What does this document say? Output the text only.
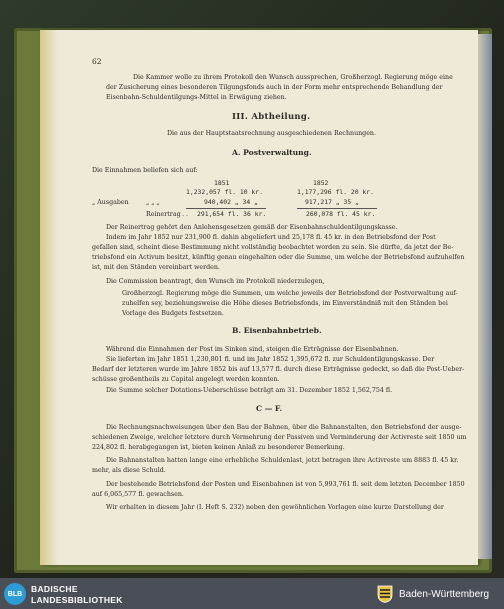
62
Die Kammer wolle zu ihrem Protokoll den Wunsch aussprechen, Großherzogl. Regierung möge eine
der Zusicherung eines besonderen Tilgungsfonds auch in der Form mehr entsprechende Behandlung der
Eisenbahn-Schuldentilgungs-Mittel in Erwägung ziehen.
III. Abtheilung.
Die aus der Hauptstaatsrechnung ausgeschiedenen Rechnungen.
A. Postverwaltung.
Die Einnahmen beliefen sich auf:
1851	1852
1,232,057 fl. 10 kr.	1,177,296 fl. 20 kr.
„ Ausgaben	„ „ „	940,402 „ 34 „	917,217 „ 35 „
Reinertrag . . 291,654 fl. 36 kr.	260,078 fl. 45 kr.
Der Reinertrag gehört den Anlehensgesetzen gemäß der Eisenbahnschuldentilgungskasse.
Indem im Jahr 1852 nur 231,900 fl. dahin abgeliefert und 25,178 fl. 45 kr. in den Betriebsfond der Post
gefallen sind, scheint diese Bestimmung nicht vollständig beobachtet worden zu sein. Sie dürfte, da jetzt der Be-
triebsfond ein Activum besitzt, künftig genau eingehalten oder die Summe, um welche der Betriebsfond aufzuhelfen
ist, mit den Ständen vereinbart werden.
Die Commission beantragt, den Wunsch im Protokoll niederzulegen,
Großherzogl. Regierung möge die Summen, um welche jeweils der Betriebsfond der Postverwaltung auf-
zuhelfen sey, beziehungsweise die Höhe dieses Betriebsfonds, im Einverständniß mit den Ständen bei
Vorlage des Budgets festsetzen.
B. Eisenbahnbetrieb.
Während die Einnahmen der Post im Sinken sind, steigen die Erträgnisse der Eisenbahnen.
Sie lieferten im Jahr 1851 1,230,801 fl. und im Jahr 1852 1,395,672 fl. zur Schuldentilgungskasse. Der
Bedarf der letzteren wurde im Jahre 1852 bis auf 13,577 fl. durch diese Erträgnisse gedeckt, so daß die Post-Ueber-
schüsse großentheils zu Capital angelegt werden konnten.
Die Summe solcher Dotations-Ueberschüsse beträgt am 31. Dezember 1852 1,562,754 fl.
C — F.
Die Rechnungsnachweisungen über den Bau der Bahnen, über die Bahnanstalten, den Betriebsfond der ausge-
schiedenen Zweige, welcher letztere durch Vermehrung der Passiven und Verminderung der Activreste seit 1850 um
224,802 fl. herabgegangen ist, bieten keinen Anlaß zu besonderer Bemerkung.
Die Bahnanstalten hatten lange eine erhebliche Schuldenlast, jetzt betragen ihre Activreste um 8883 fl. 45 kr.
mehr, als diese Schuld.
Der bestehende Betriebsfond der Posten und Eisenbahnen ist von 5,993,761 fl. seit dem letzten December 1850
auf 6,065,577 fl. gewachsen.
Wir erhalten in diesem Jahr (I. Heft S. 232) neben den gewöhnlichen Vorlagen eine kurze Darstellung der
BLB	BADISCHE
LANDESBIBLIOTHEK	Baden-Württemberg
